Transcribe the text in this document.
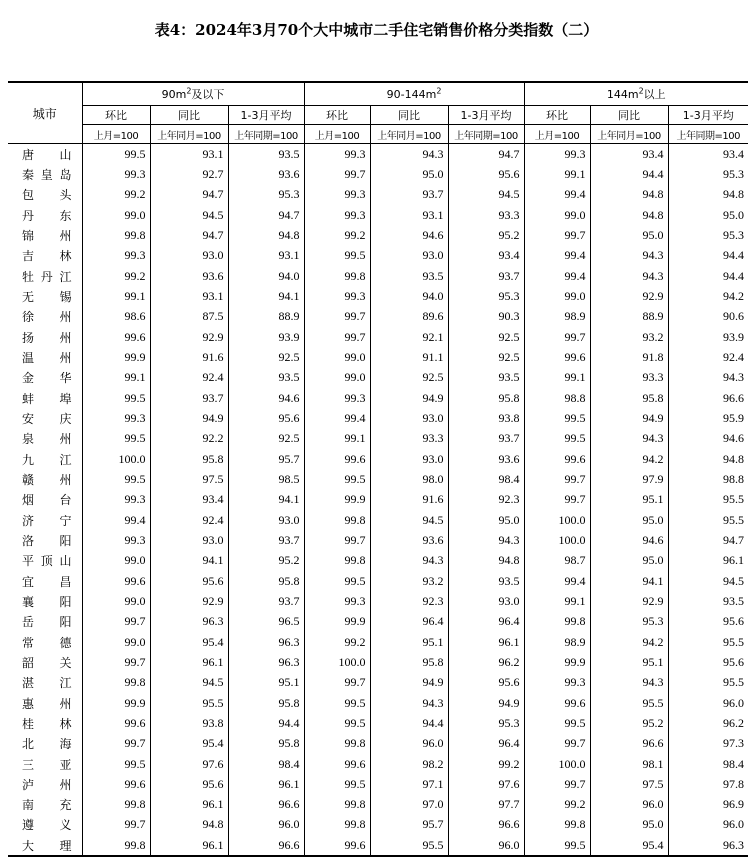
表4：2024年3月70个大中城市二手住宅销售价格分类指数（二）
城市	$90m^2$及以下			$90-144m^2$			$144m^2$以上		
	环比	同比	1-3月平均	环比	同比	1-3月平均	环比	同比	1-3月平均
	上月=100	上年同月=100	上年同期=100	上月=100	上年同月=100	上年同期=100	上月=100	上年同月=100	上年同期=100
唐山	99.5	93.1	93.5	99.3	94.3	94.7	99.3	93.4	93.4
秦皇岛	99.3	92.7	93.6	99.7	95.0	95.6	99.1	94.4	95.3
包头	99.2	94.7	95.3	99.3	93.7	94.5	99.4	94.8	94.8
丹东	99.0	94.5	94.7	99.3	93.1	93.3	99.0	94.8	95.0
锦州	99.8	94.7	94.8	99.2	94.6	95.2	99.7	95.0	95.3
吉林	99.3	93.0	93.1	99.5	93.0	93.4	99.4	94.3	94.4
牡丹江	99.2	93.6	94.0	99.8	93.5	93.7	99.4	94.3	94.4
无锡	99.1	93.1	94.1	99.3	94.0	95.3	99.0	92.9	94.2
徐州	98.6	87.5	88.9	99.7	89.6	90.3	98.9	88.9	90.6
扬州	99.6	92.9	93.9	99.7	92.1	92.5	99.7	93.2	93.9
温州	99.9	91.6	92.5	99.0	91.1	92.5	99.6	91.8	92.4
金华	99.1	92.4	93.5	99.0	92.5	93.5	99.1	93.3	94.3
蚌埠	99.5	93.7	94.6	99.3	94.9	95.8	98.8	95.8	96.6
安庆	99.3	94.9	95.6	99.4	93.0	93.8	99.5	94.9	95.9
泉州	99.5	92.2	92.5	99.1	93.3	93.7	99.5	94.3	94.6
九江	100.0	95.8	95.7	99.6	93.0	93.6	99.6	94.2	94.8
赣州	99.5	97.5	98.5	99.5	98.0	98.4	99.7	97.9	98.8
烟台	99.3	93.4	94.1	99.9	91.6	92.3	99.7	95.1	95.5
济宁	99.4	92.4	93.0	99.8	94.5	95.0	100.0	95.0	95.5
洛阳	99.3	93.0	93.7	99.7	93.6	94.3	100.0	94.6	94.7
平顶山	99.0	94.1	95.2	99.8	94.3	94.8	98.7	95.0	96.1
宜昌	99.6	95.6	95.8	99.5	93.2	93.5	99.4	94.1	94.5
襄阳	99.0	92.9	93.7	99.3	92.3	93.0	99.1	92.9	93.5
岳阳	99.7	96.3	96.5	99.9	96.4	96.4	99.8	95.3	95.6
常德	99.0	95.4	96.3	99.2	95.1	96.1	98.9	94.2	95.5
韶关	99.7	96.1	96.3	100.0	95.8	96.2	99.9	95.1	95.6
湛江	99.8	94.5	95.1	99.7	94.9	95.6	99.3	94.3	95.5
惠州	99.9	95.5	95.8	99.5	94.3	94.9	99.6	95.5	96.0
桂林	99.6	93.8	94.4	99.5	94.4	95.3	99.5	95.2	96.2
北海	99.7	95.4	95.8	99.8	96.0	96.4	99.7	96.6	97.3
三亚	99.5	97.6	98.4	99.6	98.2	99.2	100.0	98.1	98.4
泸州	99.6	95.6	96.1	99.5	97.1	97.6	99.7	97.5	97.8
南充	99.8	96.1	96.6	99.8	97.0	97.7	99.2	96.0	96.9
遵义	99.7	94.8	96.0	99.8	95.7	96.6	99.8	95.0	96.0
大理	99.8	96.1	96.6	99.6	95.5	96.0	99.5	95.4	96.3
